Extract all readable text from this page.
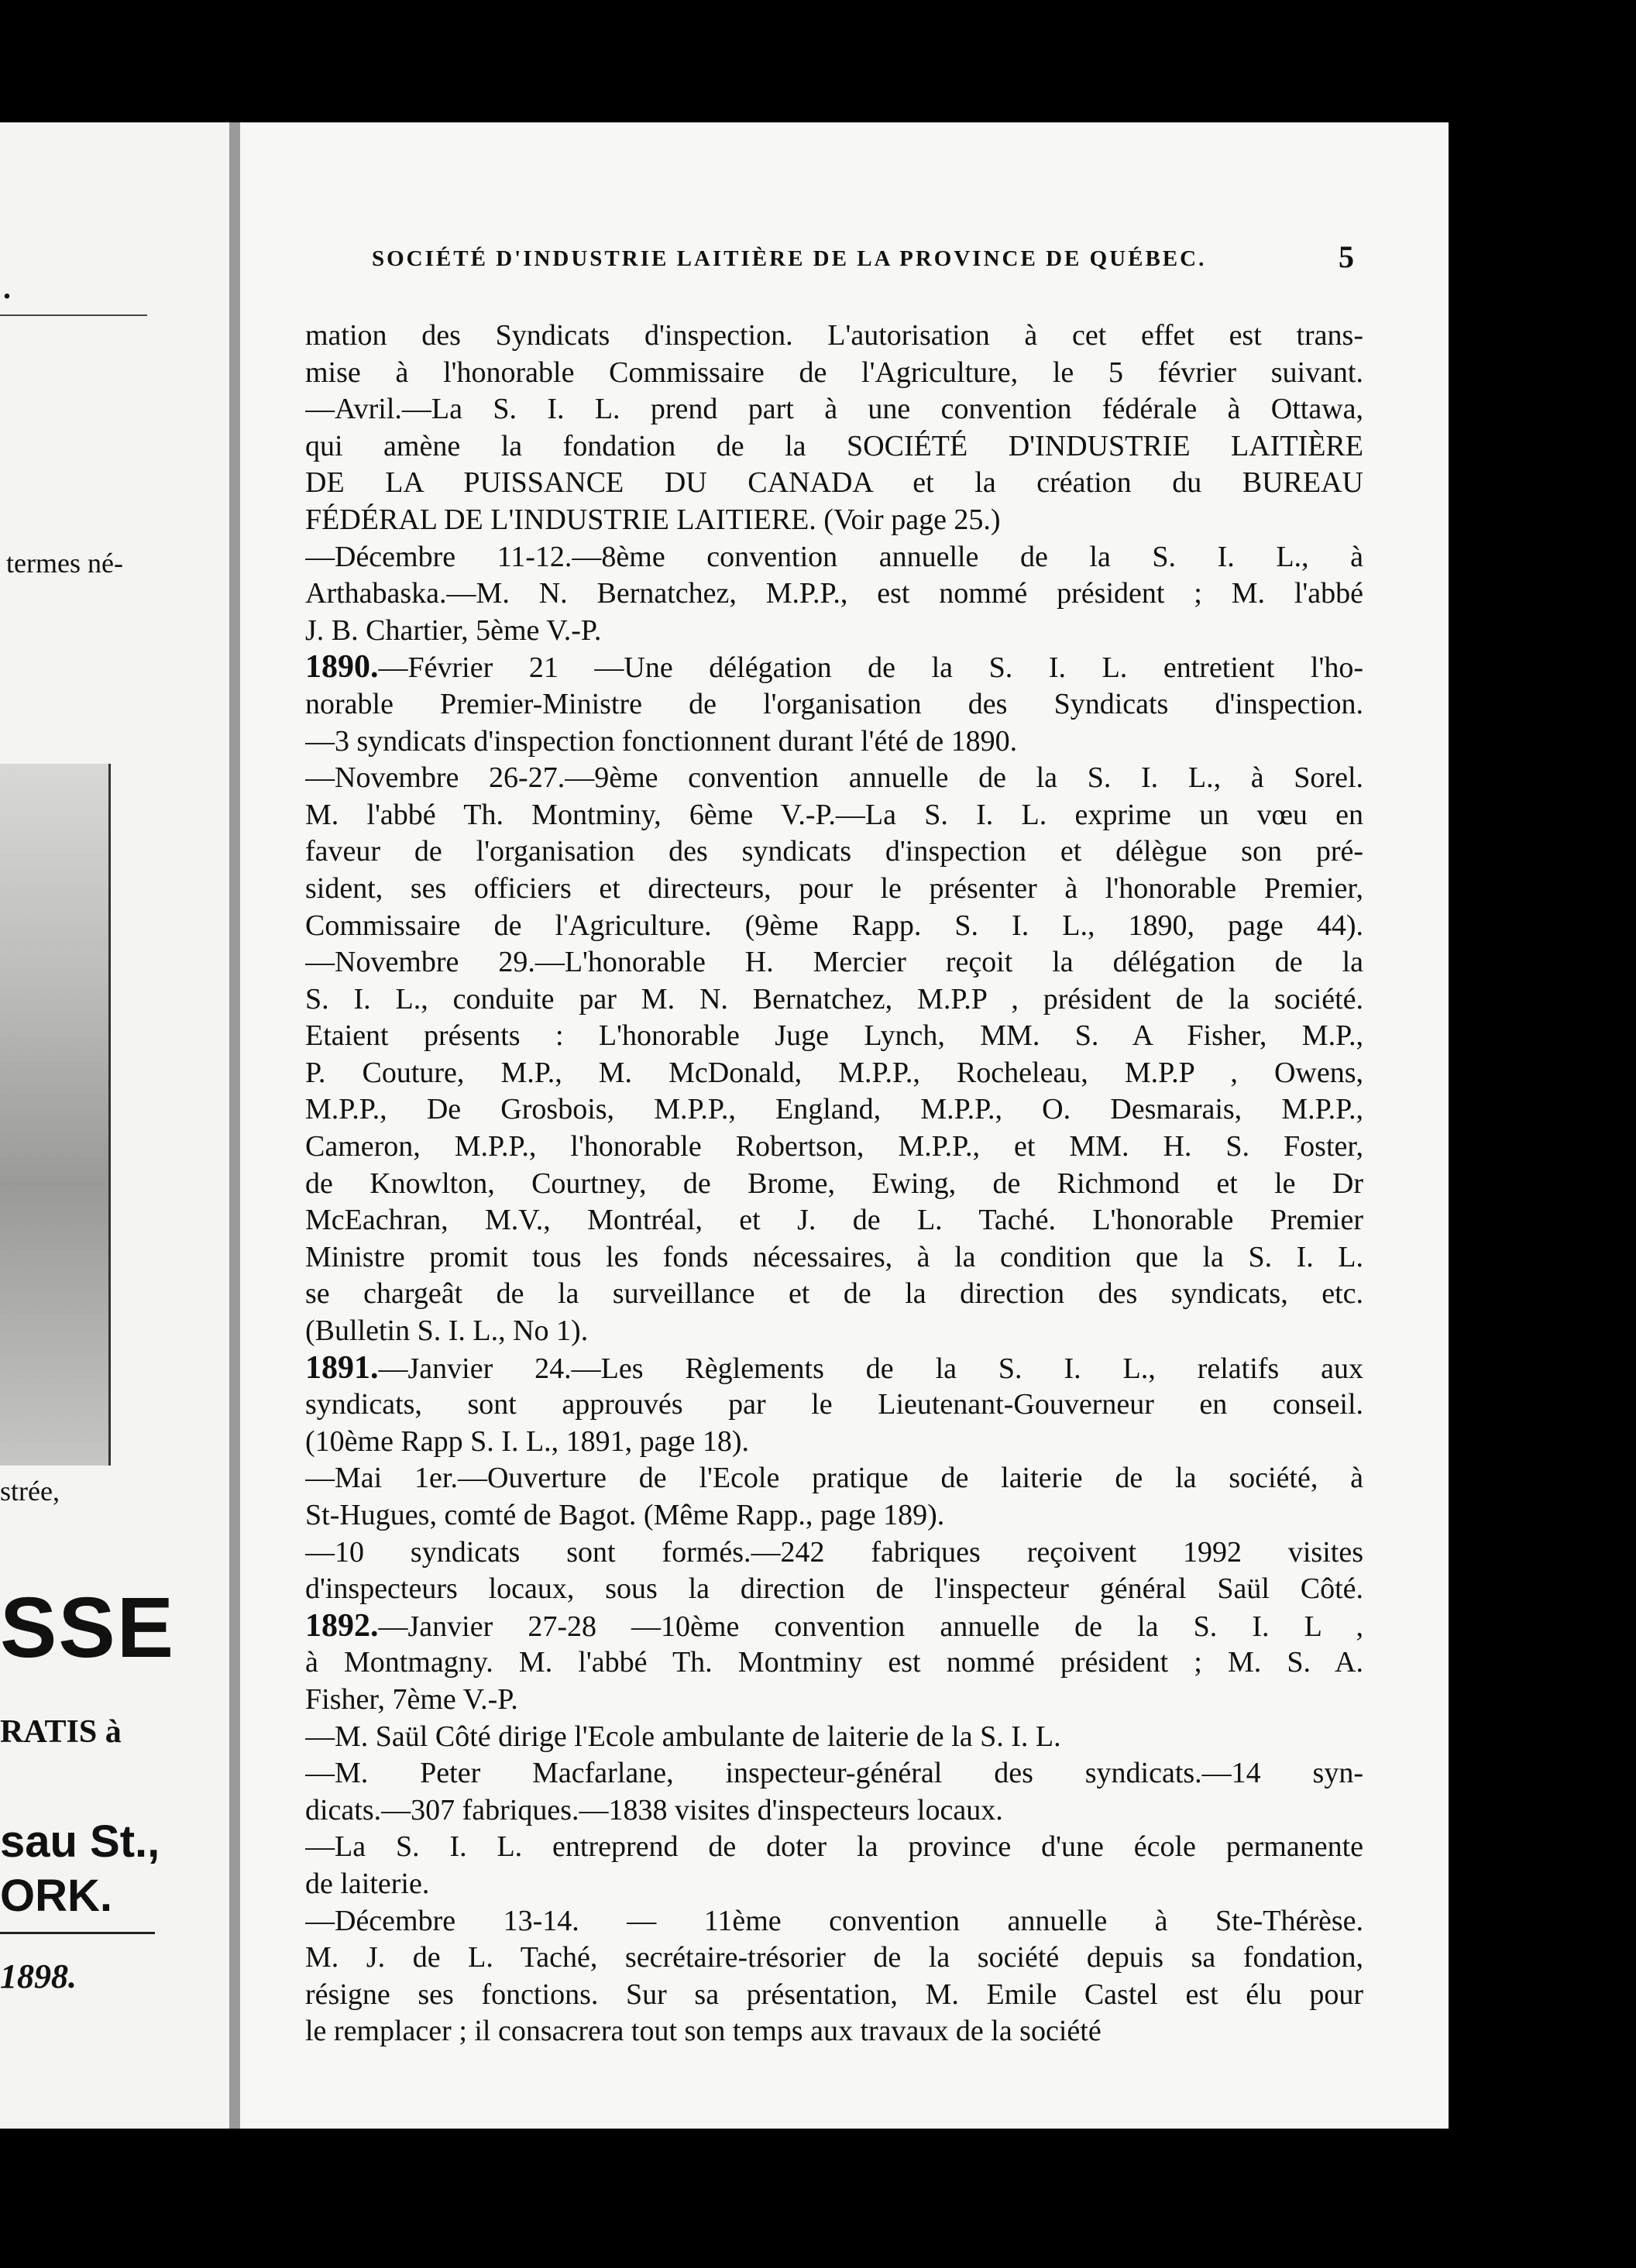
.
termes né-
strée,
SSE
RATIS à
sau St.,
ORK.
1898.
SOCIÉTÉ D'INDUSTRIE LAITIÈRE DE LA PROVINCE DE QUÉBEC.	5
mation des Syndicats d'inspection. L'autorisation à cet effet est trans-
mise à l'honorable Commissaire de l'Agriculture, le 5 février suivant.
—Avril.—La S. I. L. prend part à une convention fédérale à Ottawa,
qui amène la fondation de la SOCIÉTÉ D'INDUSTRIE LAITIÈRE
DE LA PUISSANCE DU CANADA et la création du BUREAU
FÉDÉRAL DE L'INDUSTRIE LAITIERE. (Voir page 25.)
—Décembre 11-12.—8ème convention annuelle de la S. I. L., à
Arthabaska.—M. N. Bernatchez, M.P.P., est nommé président ; M. l'abbé
J. B. Chartier, 5ème V.-P.
1890.—Février 21 —Une délégation de la S. I. L. entretient l'ho-
norable Premier-Ministre de l'organisation des Syndicats d'inspection.
—3 syndicats d'inspection fonctionnent durant l'été de 1890.
—Novembre 26-27.—9ème convention annuelle de la S. I. L., à Sorel.
M. l'abbé Th. Montminy, 6ème V.-P.—La S. I. L. exprime un vœu en
faveur de l'organisation des syndicats d'inspection et délègue son pré-
sident, ses officiers et directeurs, pour le présenter à l'honorable Premier,
Commissaire de l'Agriculture. (9ème Rapp. S. I. L., 1890, page 44).
—Novembre 29.—L'honorable H. Mercier reçoit la délégation de la
S. I. L., conduite par M. N. Bernatchez, M.P.P , président de la société.
Etaient présents : L'honorable Juge Lynch, MM. S. A Fisher, M.P.,
P. Couture, M.P., M. McDonald, M.P.P., Rocheleau, M.P.P , Owens,
M.P.P., De Grosbois, M.P.P., England, M.P.P., O. Desmarais, M.P.P.,
Cameron, M.P.P., l'honorable Robertson, M.P.P., et MM. H. S. Foster,
de Knowlton, Courtney, de Brome, Ewing, de Richmond et le Dr
McEachran, M.V., Montréal, et J. de L. Taché. L'honorable Premier
Ministre promit tous les fonds nécessaires, à la condition que la S. I. L.
se chargeât de la surveillance et de la direction des syndicats, etc.
(Bulletin S. I. L., No 1).
1891.—Janvier 24.—Les Règlements de la S. I. L., relatifs aux
syndicats, sont approuvés par le Lieutenant-Gouverneur en conseil.
(10ème Rapp S. I. L., 1891, page 18).
—Mai 1er.—Ouverture de l'Ecole pratique de laiterie de la société, à
St-Hugues, comté de Bagot. (Même Rapp., page 189).
—10 syndicats sont formés.—242 fabriques reçoivent 1992 visites
d'inspecteurs locaux, sous la direction de l'inspecteur général Saül Côté.
1892.—Janvier 27-28 —10ème convention annuelle de la S. I. L ,
à Montmagny. M. l'abbé Th. Montminy est nommé président ; M. S. A.
Fisher, 7ème V.-P.
—M. Saül Côté dirige l'Ecole ambulante de laiterie de la S. I. L.
—M. Peter Macfarlane, inspecteur-général des syndicats.—14 syn-
dicats.—307 fabriques.—1838 visites d'inspecteurs locaux.
—La S. I. L. entreprend de doter la province d'une école permanente
de laiterie.
—Décembre 13-14. — 11ème convention annuelle à Ste-Thérèse.
M. J. de L. Taché, secrétaire-trésorier de la société depuis sa fondation,
résigne ses fonctions. Sur sa présentation, M. Emile Castel est élu pour
le remplacer ; il consacrera tout son temps aux travaux de la société
